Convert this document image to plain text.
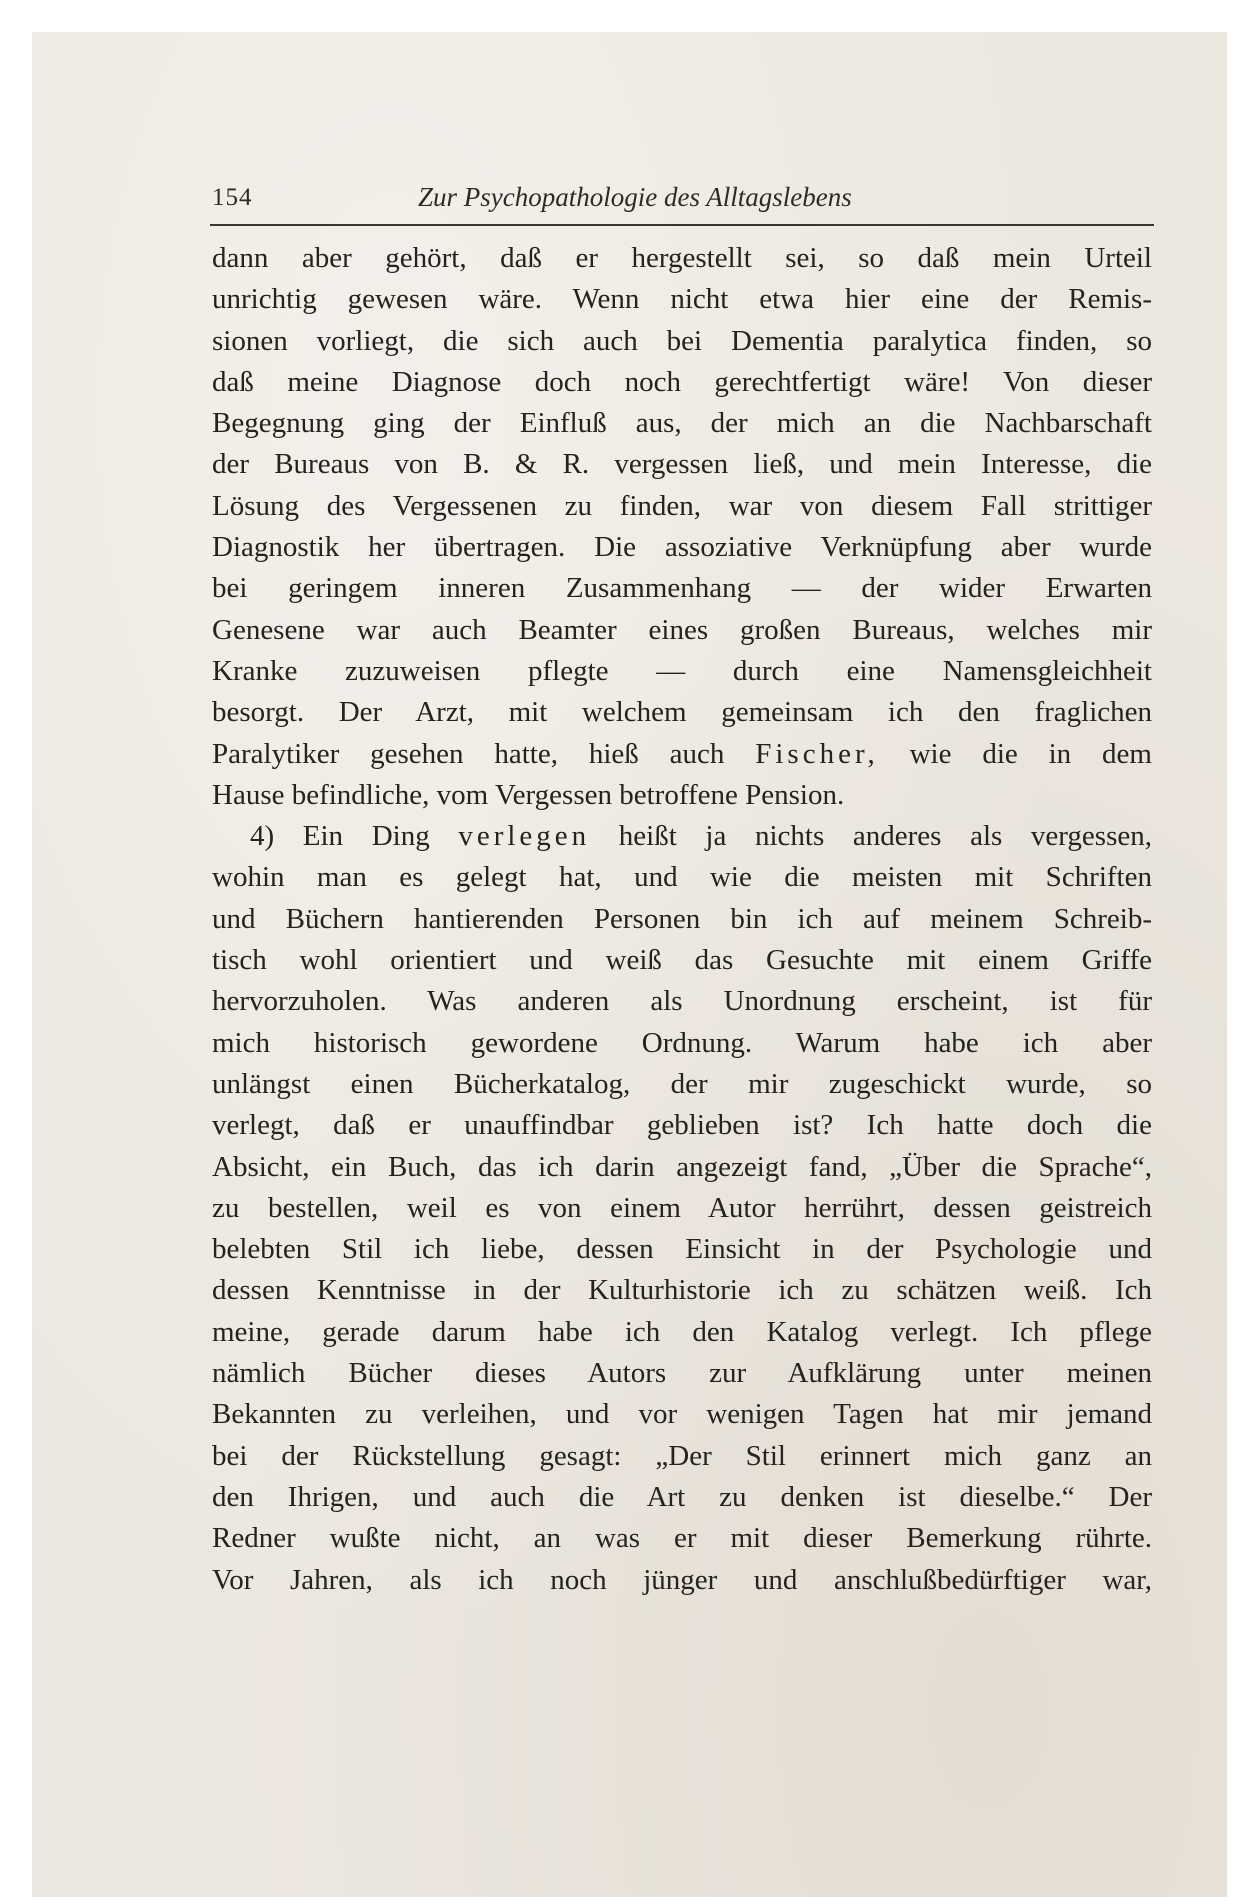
154	Zur Psychopathologie des Alltagslebens
dann aber gehört, daß er hergestellt sei, so daß mein Urteil
unrichtig gewesen wäre. Wenn nicht etwa hier eine der Remis-
sionen vorliegt, die sich auch bei Dementia paralytica finden, so
daß meine Diagnose doch noch gerechtfertigt wäre! Von dieser
Begegnung ging der Einfluß aus, der mich an die Nachbarschaft
der Bureaus von B. & R. vergessen ließ, und mein Interesse, die
Lösung des Vergessenen zu finden, war von diesem Fall strittiger
Diagnostik her übertragen. Die assoziative Verknüpfung aber wurde
bei geringem inneren Zusammenhang — der wider Erwarten
Genesene war auch Beamter eines großen Bureaus, welches mir
Kranke zuzuweisen pflegte — durch eine Namensgleichheit
besorgt. Der Arzt, mit welchem gemeinsam ich den fraglichen
Paralytiker gesehen hatte, hieß auch Fischer, wie die in dem
Hause befindliche, vom Vergessen betroffene Pension.
4) Ein Ding verlegen heißt ja nichts anderes als vergessen,
wohin man es gelegt hat, und wie die meisten mit Schriften
und Büchern hantierenden Personen bin ich auf meinem Schreib-
tisch wohl orientiert und weiß das Gesuchte mit einem Griffe
hervorzuholen. Was anderen als Unordnung erscheint, ist für
mich historisch gewordene Ordnung. Warum habe ich aber
unlängst einen Bücherkatalog, der mir zugeschickt wurde, so
verlegt, daß er unauffindbar geblieben ist? Ich hatte doch die
Absicht, ein Buch, das ich darin angezeigt fand, „Über die Sprache“,
zu bestellen, weil es von einem Autor herrührt, dessen geistreich
belebten Stil ich liebe, dessen Einsicht in der Psychologie und
dessen Kenntnisse in der Kulturhistorie ich zu schätzen weiß. Ich
meine, gerade darum habe ich den Katalog verlegt. Ich pflege
nämlich Bücher dieses Autors zur Aufklärung unter meinen
Bekannten zu verleihen, und vor wenigen Tagen hat mir jemand
bei der Rückstellung gesagt: „Der Stil erinnert mich ganz an
den Ihrigen, und auch die Art zu denken ist dieselbe.“ Der
Redner wußte nicht, an was er mit dieser Bemerkung rührte.
Vor Jahren, als ich noch jünger und anschlußbedürftiger war,
